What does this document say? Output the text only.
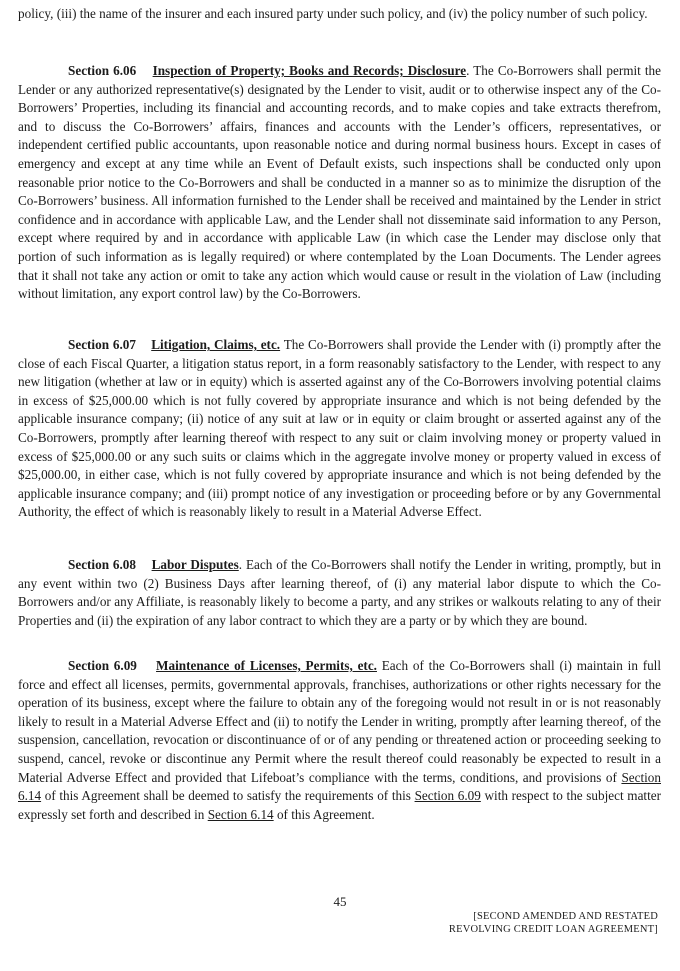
policy, (iii) the name of the insurer and each insured party under such policy, and (iv) the policy number of such policy.

Section 6.06 Inspection of Property; Books and Records; Disclosure. The Co-Borrowers shall permit the Lender or any authorized representative(s) designated by the Lender to visit, audit or to otherwise inspect any of the Co-Borrowers’ Properties, including its financial and accounting records, and to make copies and take extracts therefrom, and to discuss the Co-Borrowers’ affairs, finances and accounts with the Lender’s officers, representatives, or independent certified public accountants, upon reasonable notice and during normal business hours. Except in cases of emergency and except at any time while an Event of Default exists, such inspections shall be conducted only upon reasonable prior notice to the Co-Borrowers and shall be conducted in a manner so as to minimize the disruption of the Co-Borrowers’ business. All information furnished to the Lender shall be received and maintained by the Lender in strict confidence and in accordance with applicable Law, and the Lender shall not disseminate said information to any Person, except where required by and in accordance with applicable Law (in which case the Lender may disclose only that portion of such information as is legally required) or where contemplated by the Loan Documents. The Lender agrees that it shall not take any action or omit to take any action which would cause or result in the violation of Law (including without limitation, any export control law) by the Co-Borrowers.

Section 6.07 Litigation, Claims, etc. The Co-Borrowers shall provide the Lender with (i) promptly after the close of each Fiscal Quarter, a litigation status report, in a form reasonably satisfactory to the Lender, with respect to any new litigation (whether at law or in equity) which is asserted against any of the Co-Borrowers involving potential claims in excess of $25,000.00 which is not fully covered by appropriate insurance and which is not being defended by the applicable insurance company; (ii) notice of any suit at law or in equity or claim brought or asserted against any of the Co-Borrowers, promptly after learning thereof with respect to any suit or claim involving money or property valued in excess of $25,000.00 or any such suits or claims which in the aggregate involve money or property valued in excess of $25,000.00, in either case, which is not fully covered by appropriate insurance and which is not being defended by the applicable insurance company; and (iii) prompt notice of any investigation or proceeding before or by any Governmental Authority, the effect of which is reasonably likely to result in a Material Adverse Effect.

Section 6.08 Labor Disputes. Each of the Co-Borrowers shall notify the Lender in writing, promptly, but in any event within two (2) Business Days after learning thereof, of (i) any material labor dispute to which the Co-Borrowers and/or any Affiliate, is reasonably likely to become a party, and any strikes or walkouts relating to any of their Properties and (ii) the expiration of any labor contract to which they are a party or by which they are bound.

Section 6.09 Maintenance of Licenses, Permits, etc. Each of the Co-Borrowers shall (i) maintain in full force and effect all licenses, permits, governmental approvals, franchises, authorizations or other rights necessary for the operation of its business, except where the failure to obtain any of the foregoing would not result in or is not reasonably likely to result in a Material Adverse Effect and (ii) to notify the Lender in writing, promptly after learning thereof, of the suspension, cancellation, revocation or discontinuance of or of any pending or threatened action or proceeding seeking to suspend, cancel, revoke or discontinue any Permit where the result thereof could reasonably be expected to result in a Material Adverse Effect and provided that Lifeboat’s compliance with the terms, conditions, and provisions of Section 6.14 of this Agreement shall be deemed to satisfy the requirements of this Section 6.09 with respect to the subject matter expressly set forth and described in Section 6.14 of this Agreement.

45
[SECOND AMENDED AND RESTATED
REVOLVING CREDIT LOAN AGREEMENT]
